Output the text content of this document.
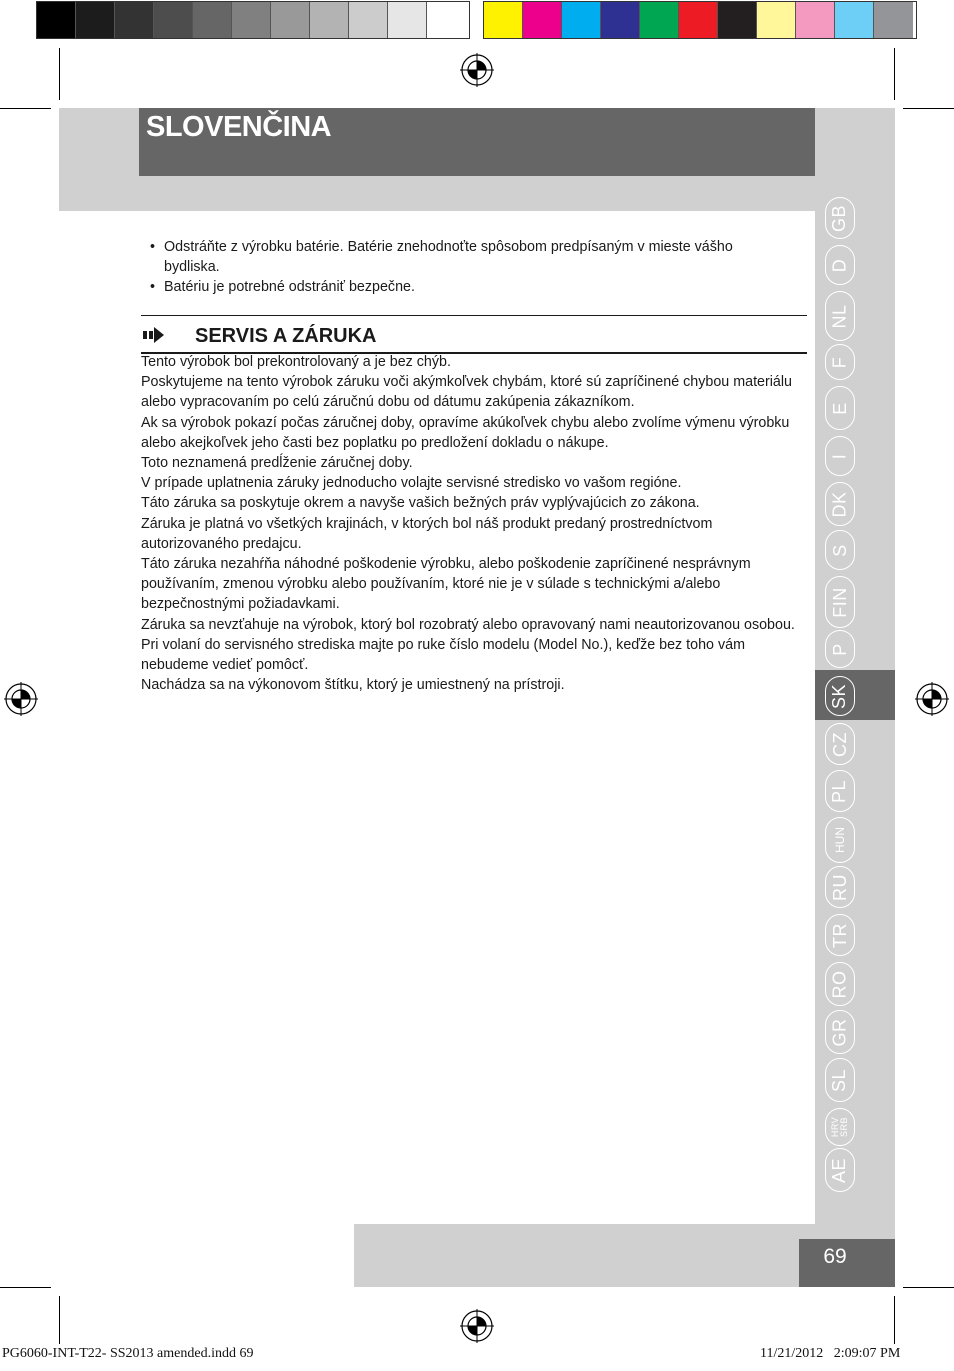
SLOVENČINA
GB
D
NL
F
E
I
DK
S
FIN
P
SK
CZ
PL
HUN
RU
TR
RO
GR
SL
HRV
SRB
AE
• Odstráňte z výrobku batérie. Batérie znehodnoťte spôsobom predpísaným v mieste vášho bydliska.
• Batériu je potrebné odstrániť bezpečne.
SERVIS A ZÁRUKA

Tento výrobok bol prekontrolovaný a je bez chýb.

Poskytujeme na tento výrobok záruku voči akýmkoľvek chybám, ktoré sú zapríčinené chybou materiálu alebo vypracovaním po celú záručnú dobu od dátumu zakúpenia zákazníkom.

Ak sa výrobok pokazí počas záručnej doby, opravíme akúkoľvek chybu alebo zvolíme výmenu výrobku alebo akejkoľvek jeho časti bez poplatku po predložení dokladu o nákupe.

Toto neznamená predĺženie záručnej doby.

V prípade uplatnenia záruky jednoducho volajte servisné stredisko vo vašom regióne.

Táto záruka sa poskytuje okrem a navyše vašich bežných práv vyplývajúcich zo zákona.

Záruka je platná vo všetkých krajinách, v ktorých bol náš produkt predaný prostredníctvom autorizovaného predajcu.

Táto záruka nezahŕňa náhodné poškodenie výrobku, alebo poškodenie zapríčinené nesprávnym používaním, zmenou výrobku alebo používaním, ktoré nie je v súlade s technickými a/alebo bezpečnostnými požiadavkami.

Záruka sa nevzťahuje na výrobok, ktorý bol rozobratý alebo opravovaný nami neautorizovanou osobou.

Pri volaní do servisného strediska majte po ruke číslo modelu (Model No.), keďže bez toho vám nebudeme vedieť pomôcť.

Nachádza sa na výkonovom štítku, ktorý je umiestnený na prístroji.

69
PG6060-INT-T22- SS2013 amended.indd 69	11/21/2012   2:09:07 PM
